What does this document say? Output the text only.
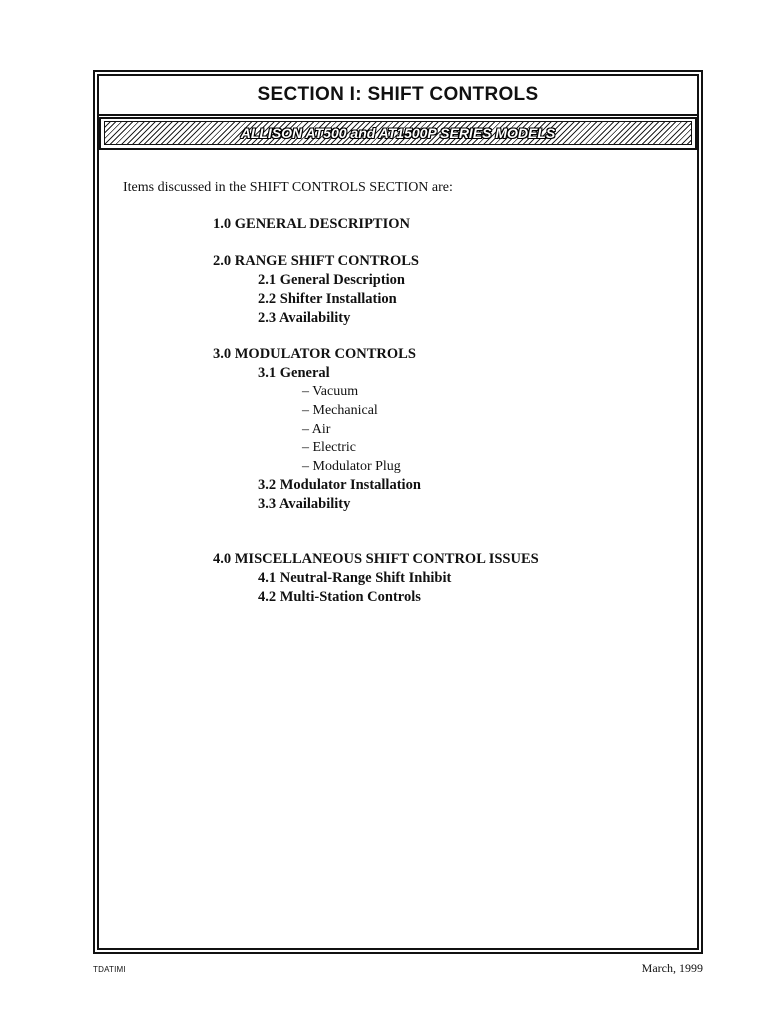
SECTION I: SHIFT CONTROLS
ALLISON AT500 and AT1500P SERIES MODELS

Items discussed in the SHIFT CONTROLS SECTION are:

1.0 GENERAL DESCRIPTION
2.0 RANGE SHIFT CONTROLS
2.1 General Description
2.2 Shifter Installation
2.3 Availability
3.0 MODULATOR CONTROLS
3.1 General
– Vacuum
– Mechanical
– Air
– Electric
– Modulator Plug
3.2 Modulator Installation
3.3 Availability
4.0 MISCELLANEOUS SHIFT CONTROL ISSUES
4.1 Neutral-Range Shift Inhibit
4.2 Multi-Station Controls
TDATIMI	March, 1999
